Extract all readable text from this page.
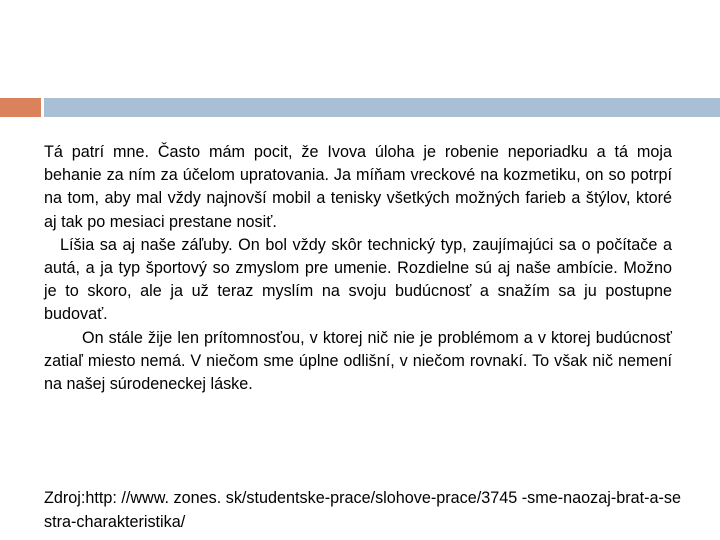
Tá patrí mne. Často mám pocit, že Ivova úloha je robenie neporiadku a tá moja behanie za ním za účelom upratovania. Ja míňam vreckové na kozmetiku, on so potrpí na tom, aby mal vždy najnovší mobil a tenisky všetkých možných farieb a štýlov, ktoré aj tak po mesiaci prestane nosiť.

Líšia sa aj naše záľuby. On bol vždy skôr technický typ, zaujímajúci sa o počítače a autá, a ja typ športový so zmyslom pre umenie. Rozdielne sú aj naše ambície. Možno je to skoro, ale ja už teraz myslím na svoju budúcnosť a snažím sa ju postupne budovať.

On stále žije len prítomnosťou, v ktorej nič nie je problémom a v ktorej budúcnosť zatiaľ miesto nemá. V niečom sme úplne odlišní, v niečom rovnakí. To však nič nemení na našej súrodeneckej láske.

Zdroj:http: //www. zones. sk/studentske-prace/slohove-prace/3745 -sme-naozaj-brat-a-sestra-charakteristika/
